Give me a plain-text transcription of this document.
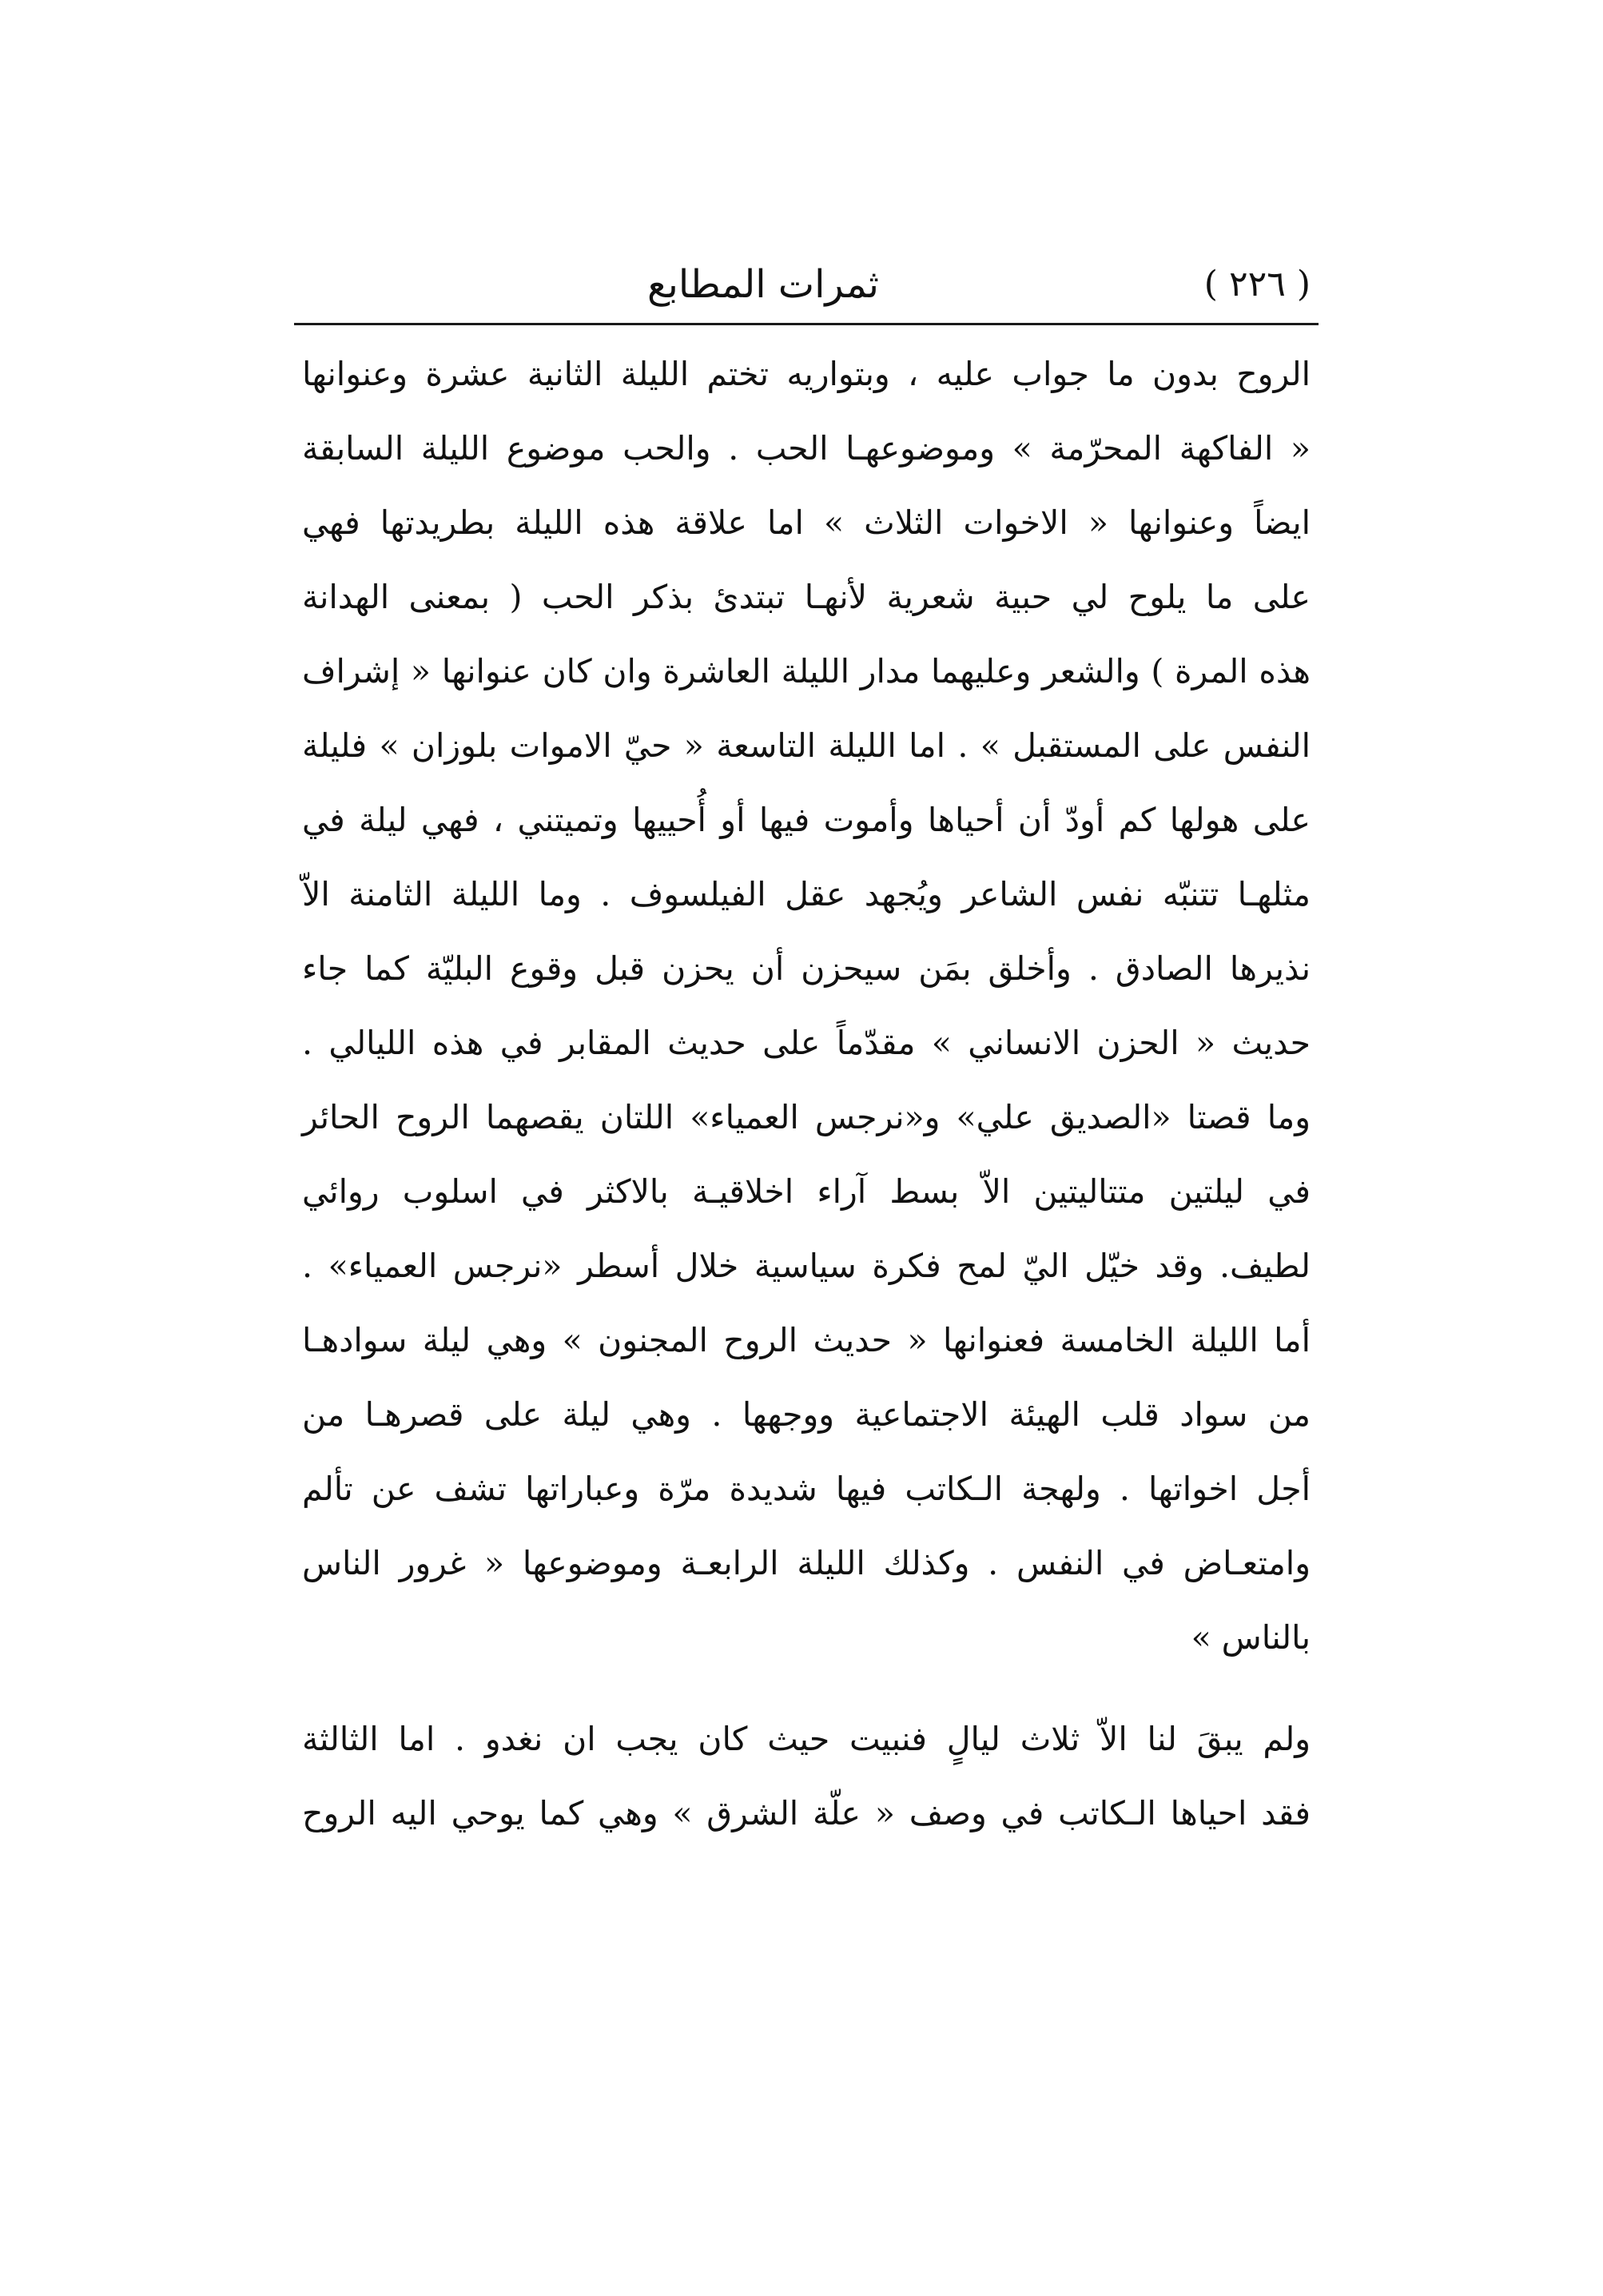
( ٢٢٦ )
ثمرات المطابع
الروح بدون ما جواب عليه ، وبتواريه تختم الليلة الثانية عشرة وعنوانها
« الفاكهة المحرّمة » وموضوعهـا الحب . والحب موضوع الليلة السابقة
ايضاً وعنوانها « الاخوات الثلاث » اما علاقة هذه الليلة بطريدتها فهي
على ما يلوح لي حبية شعرية لأنهـا تبتدئ بذكر الحب ( بمعنى الهدانة
هذه المرة ) والشعر وعليهما مدار الليلة العاشرة وان كان عنوانها « إشراف
النفس على المستقبل » . اما الليلة التاسعة « حيّ الاموات بلوزان » فليلة
على هولها كم أودّ أن أحياها وأموت فيها أو أُحييها وتميتني ، فهي ليلة في
مثلهـا تتنبّه نفس الشاعر ويُجهد عقل الفيلسوف . وما الليلة الثامنة الاّ
نذيرها الصادق . وأخلق بمَن سيحزن أن يحزن قبل وقوع البليّة كما جاء
حديث « الحزن الانساني » مقدّماً على حديث المقابر في هذه الليالي .
وما قصتا «الصديق علي» و«نرجس العمياء» اللتان يقصهما الروح الحائر
في ليلتين متتاليتين الاّ بسط آراء اخلاقيـة بالاكثر في اسلوب روائي
لطيف. وقد خيّل اليّ لمح فكرة سياسية خلال أسطر «نرجس العمياء» .
أما الليلة الخامسة فعنوانها « حديث الروح المجنون » وهي ليلة سوادهـا
من سواد قلب الهيئة الاجتماعية ووجهها . وهي ليلة على قصرهـا من
أجل اخواتها . ولهجة الـكاتب فيها شديدة مرّة وعباراتها تشف عن تألم
وامتعـاض في النفس . وكذلك الليلة الرابعـة وموضوعها « غرور الناس
بالناس »
ولم يبقَ لنا الاّ ثلاث ليالٍ فنبيت حيث كان يجب ان نغدو . اما الثالثة
فقد احياها الـكاتب في وصف « علّة الشرق » وهي كما يوحي اليه الروح
